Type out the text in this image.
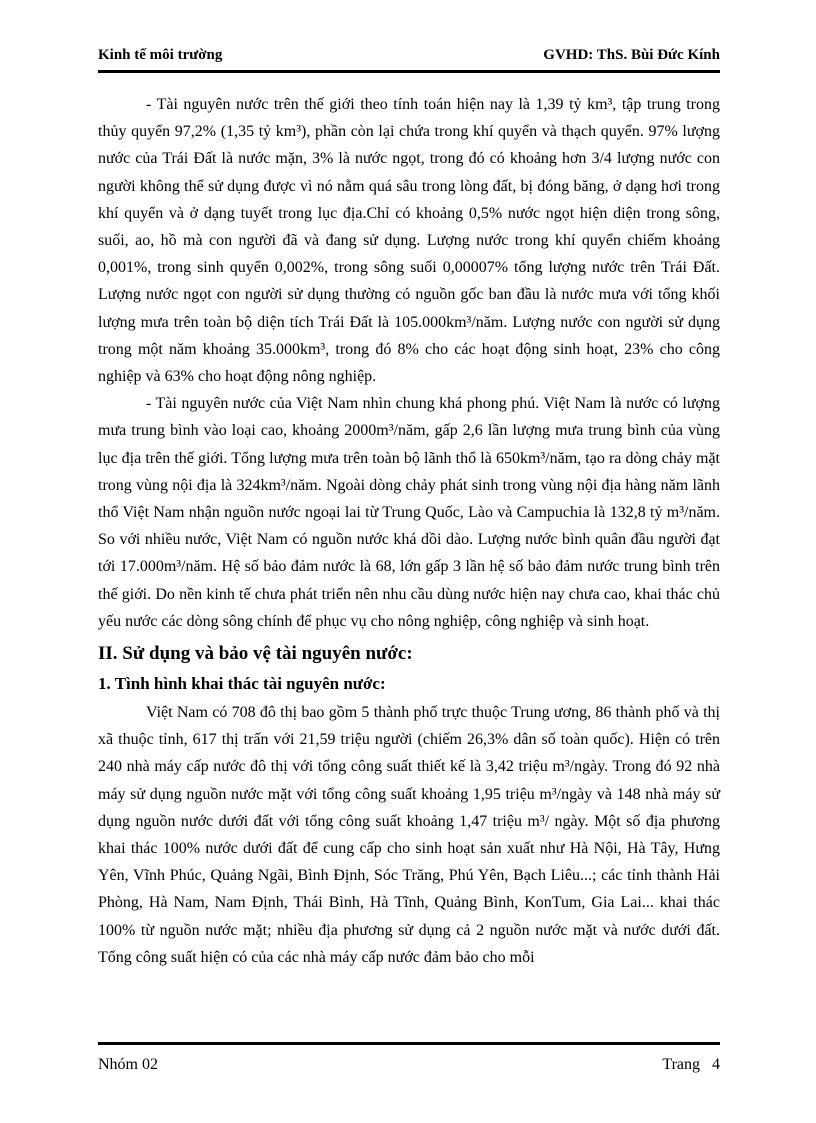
Kinh tế môi trường	GVHD: ThS. Bùi Đức Kính

- Tài nguyên nước trên thế giới theo tính toán hiện nay là 1,39 tỷ km³, tập trung trong thủy quyển 97,2% (1,35 tỷ km³), phần còn lại chứa trong khí quyển và thạch quyển. 97% lượng nước của Trái Đất là nước mặn, 3% là nước ngọt, trong đó có khoảng hơn 3/4 lượng nước con người không thể sử dụng được vì nó nằm quá sâu trong lòng đất, bị đóng băng, ở dạng hơi trong khí quyển và ở dạng tuyết trong lục địa.Chỉ có khoảng 0,5% nước ngọt hiện diện trong sông, suối, ao, hồ mà con người đã và đang sử dụng. Lượng nước trong khí quyển chiếm khoảng 0,001%, trong sinh quyển 0,002%, trong sông suối 0,00007% tổng lượng nước trên Trái Đất. Lượng nước ngọt con người sử dụng thường có nguồn gốc ban đầu là nước mưa với tổng khối lượng mưa trên toàn bộ diện tích Trái Đất là 105.000km³/năm. Lượng nước con người sử dụng trong một năm khoảng 35.000km³, trong đó 8% cho các hoạt động sinh hoạt, 23% cho công nghiệp và 63% cho hoạt động nông nghiệp.

- Tài nguyên nước của Việt Nam nhìn chung khá phong phú. Việt Nam là nước có lượng mưa trung bình vào loại cao, khoảng 2000m³/năm, gấp 2,6 lần lượng mưa trung bình của vùng lục địa trên thế giới. Tổng lượng mưa trên toàn bộ lãnh thổ là 650km³/năm, tạo ra dòng chảy mặt trong vùng nội địa là 324km³/năm. Ngoài dòng chảy phát sinh trong vùng nội địa hàng năm lãnh thổ Việt Nam nhận nguồn nước ngoại lai từ Trung Quốc, Lào và Campuchia là 132,8 tỷ m³/năm. So với nhiều nước, Việt Nam có nguồn nước khá dồi dào. Lượng nước bình quân đầu người đạt tới 17.000m³/năm. Hệ số bảo đảm nước là 68, lớn gấp 3 lần hệ số bảo đảm nước trung bình trên thế giới. Do nền kinh tế chưa phát triển nên nhu cầu dùng nước hiện nay chưa cao, khai thác chủ yếu nước các dòng sông chính để phục vụ cho nông nghiệp, công nghiệp và sinh hoạt.

II. Sử dụng và bảo vệ tài nguyên nước:
1. Tình hình khai thác tài nguyên nước:

Việt Nam có 708 đô thị bao gồm 5 thành phố trực thuộc Trung ương, 86 thành phố và thị xã thuộc tỉnh, 617 thị trấn với 21,59 triệu người (chiếm 26,3% dân số toàn quốc). Hiện có trên 240 nhà máy cấp nước đô thị với tổng công suất thiết kế là 3,42 triệu m³/ngày. Trong đó 92 nhà máy sử dụng nguồn nước mặt với tổng công suất khoảng 1,95 triệu m³/ngày và 148 nhà máy sử dụng nguồn nước dưới đất với tổng công suất khoảng 1,47 triệu m³/ ngày. Một số địa phương khai thác 100% nước dưới đất để cung cấp cho sinh hoạt sản xuất như Hà Nội, Hà Tây, Hưng Yên, Vĩnh Phúc, Quảng Ngãi, Bình Định, Sóc Trăng, Phú Yên, Bạch Liêu...; các tỉnh thành Hải Phòng, Hà Nam, Nam Định, Thái Bình, Hà Tĩnh, Quảng Bình, KonTum, Gia Lai... khai thác 100% từ nguồn nước mặt; nhiều địa phương sử dụng cả 2 nguồn nước mặt và nước dưới đất. Tổng công suất hiện có của các nhà máy cấp nước đảm bảo cho mỗi

Nhóm 02	Trang 4
